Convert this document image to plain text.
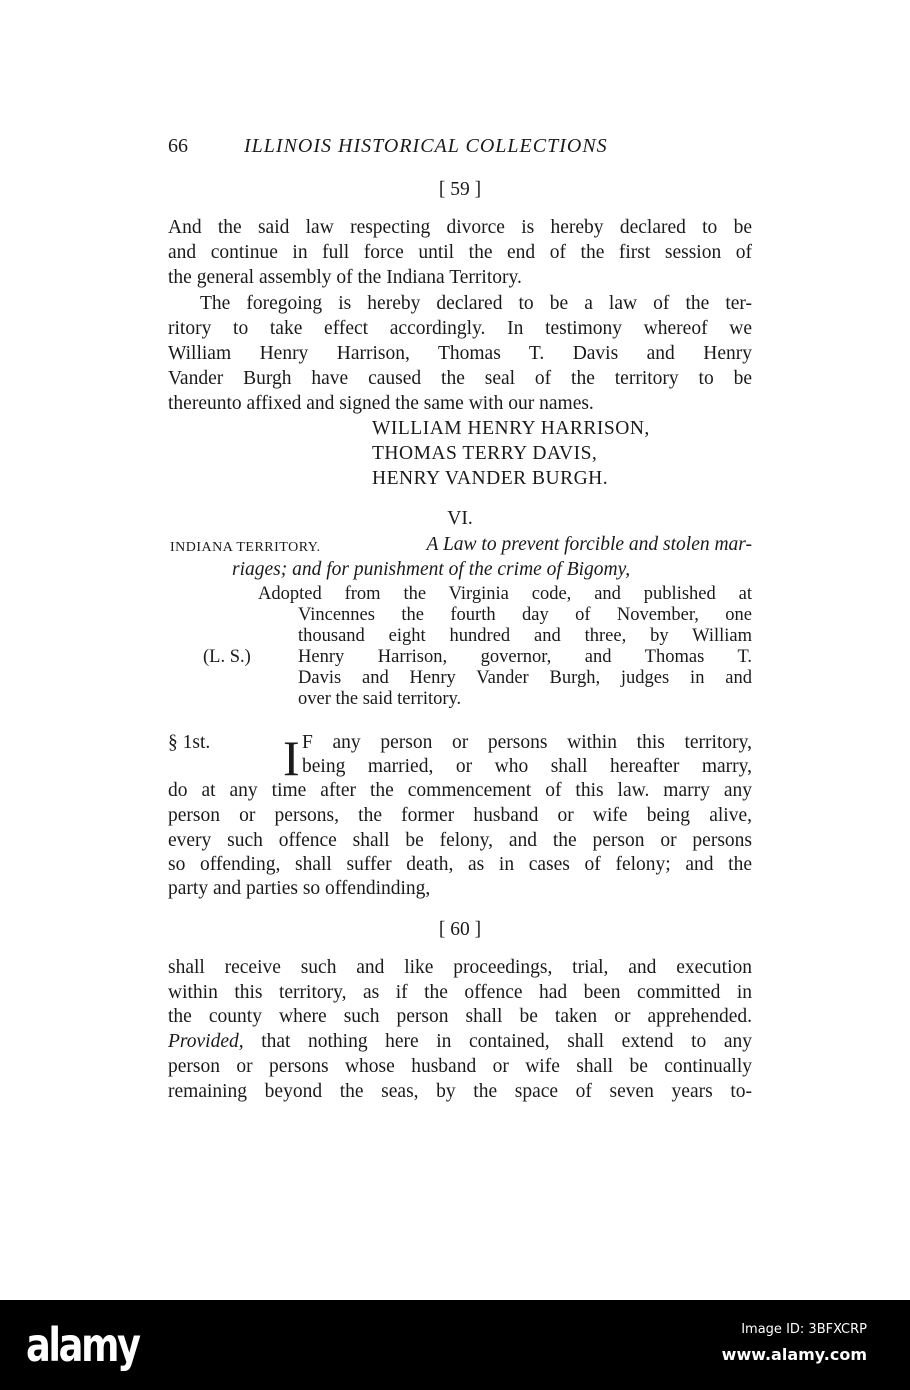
66	ILLINOIS HISTORICAL COLLECTIONS
[ 59 ]
And the said law respecting divorce is hereby declared to be
and continue in full force until the end of the first session of
the general assembly of the Indiana Territory.
The foregoing is hereby declared to be a law of the ter-
ritory to take effect accordingly. In testimony whereof we
William Henry Harrison, Thomas T. Davis and Henry
Vander Burgh have caused the seal of the territory to be
thereunto affixed and signed the same with our names.
WILLIAM HENRY HARRISON,
THOMAS TERRY DAVIS,
HENRY VANDER BURGH.
VI.
INDIANA TERRITORY.	A Law to prevent forcible and stolen mar-
riages; and for punishment of the crime of Bigomy,
Adopted from the Virginia code, and published at
Vincennes the fourth day of November, one
thousand eight hundred and three, by William
(L. S.)	Henry Harrison, governor, and Thomas T.
Davis and Henry Vander Burgh, judges in and
over the said territory.
§ 1st.	I F any person or persons within this territory,
being married, or who shall hereafter marry,
do at any time after the commencement of this law. marry any
person or persons, the former husband or wife being alive,
every such offence shall be felony, and the person or persons
so offending, shall suffer death, as in cases of felony; and the
party and parties so offendinding,
[ 60 ]
shall receive such and like proceedings, trial, and execution
within this territory, as if the offence had been committed in
the county where such person shall be taken or apprehended.
Provided, that nothing here in contained, shall extend to any
person or persons whose husband or wife shall be continually
remaining beyond the seas, by the space of seven years to-
alamy	Image ID: 3BFXCRP
www.alamy.com
